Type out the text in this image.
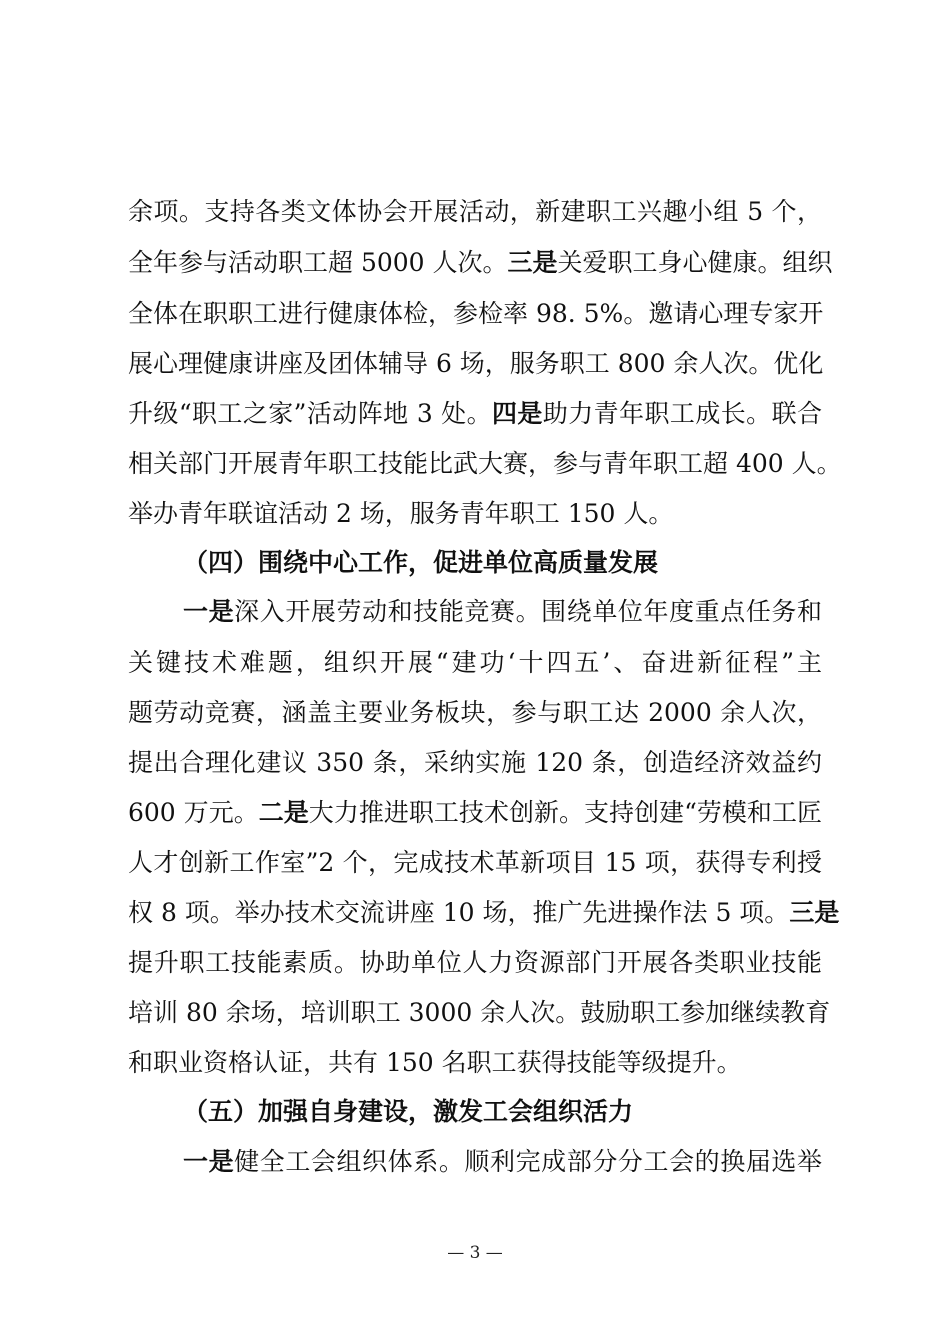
余项。支持各类文体协会开展活动，新建职工兴趣小组 5 个，
全年参与活动职工超 5000 人次。三是关爱职工身心健康。组织
全体在职职工进行健康体检，参检率 98. 5%。邀请心理专家开
展心理健康讲座及团体辅导 6 场，服务职工 800 余人次。优化
升级“职工之家”活动阵地 3 处。四是助力青年职工成长。联合
相关部门开展青年职工技能比武大赛，参与青年职工超 400 人。
举办青年联谊活动 2 场，服务青年职工 150 人。
（四）围绕中心工作，促进单位高质量发展
一是深入开展劳动和技能竞赛。围绕单位年度重点任务和
关键技术难题，组织开展“建功‘十四五’、奋进新征程”主
题劳动竞赛，涵盖主要业务板块，参与职工达 2000 余人次，
提出合理化建议 350 条，采纳实施 120 条，创造经济效益约
600 万元。二是大力推进职工技术创新。支持创建“劳模和工匠
人才创新工作室”2 个，完成技术革新项目 15 项，获得专利授
权 8 项。举办技术交流讲座 10 场，推广先进操作法 5 项。三是
提升职工技能素质。协助单位人力资源部门开展各类职业技能
培训 80 余场，培训职工 3000 余人次。鼓励职工参加继续教育
和职业资格认证，共有 150 名职工获得技能等级提升。
（五）加强自身建设，激发工会组织活力
一是健全工会组织体系。顺利完成部分分工会的换届选举
— 3 —
